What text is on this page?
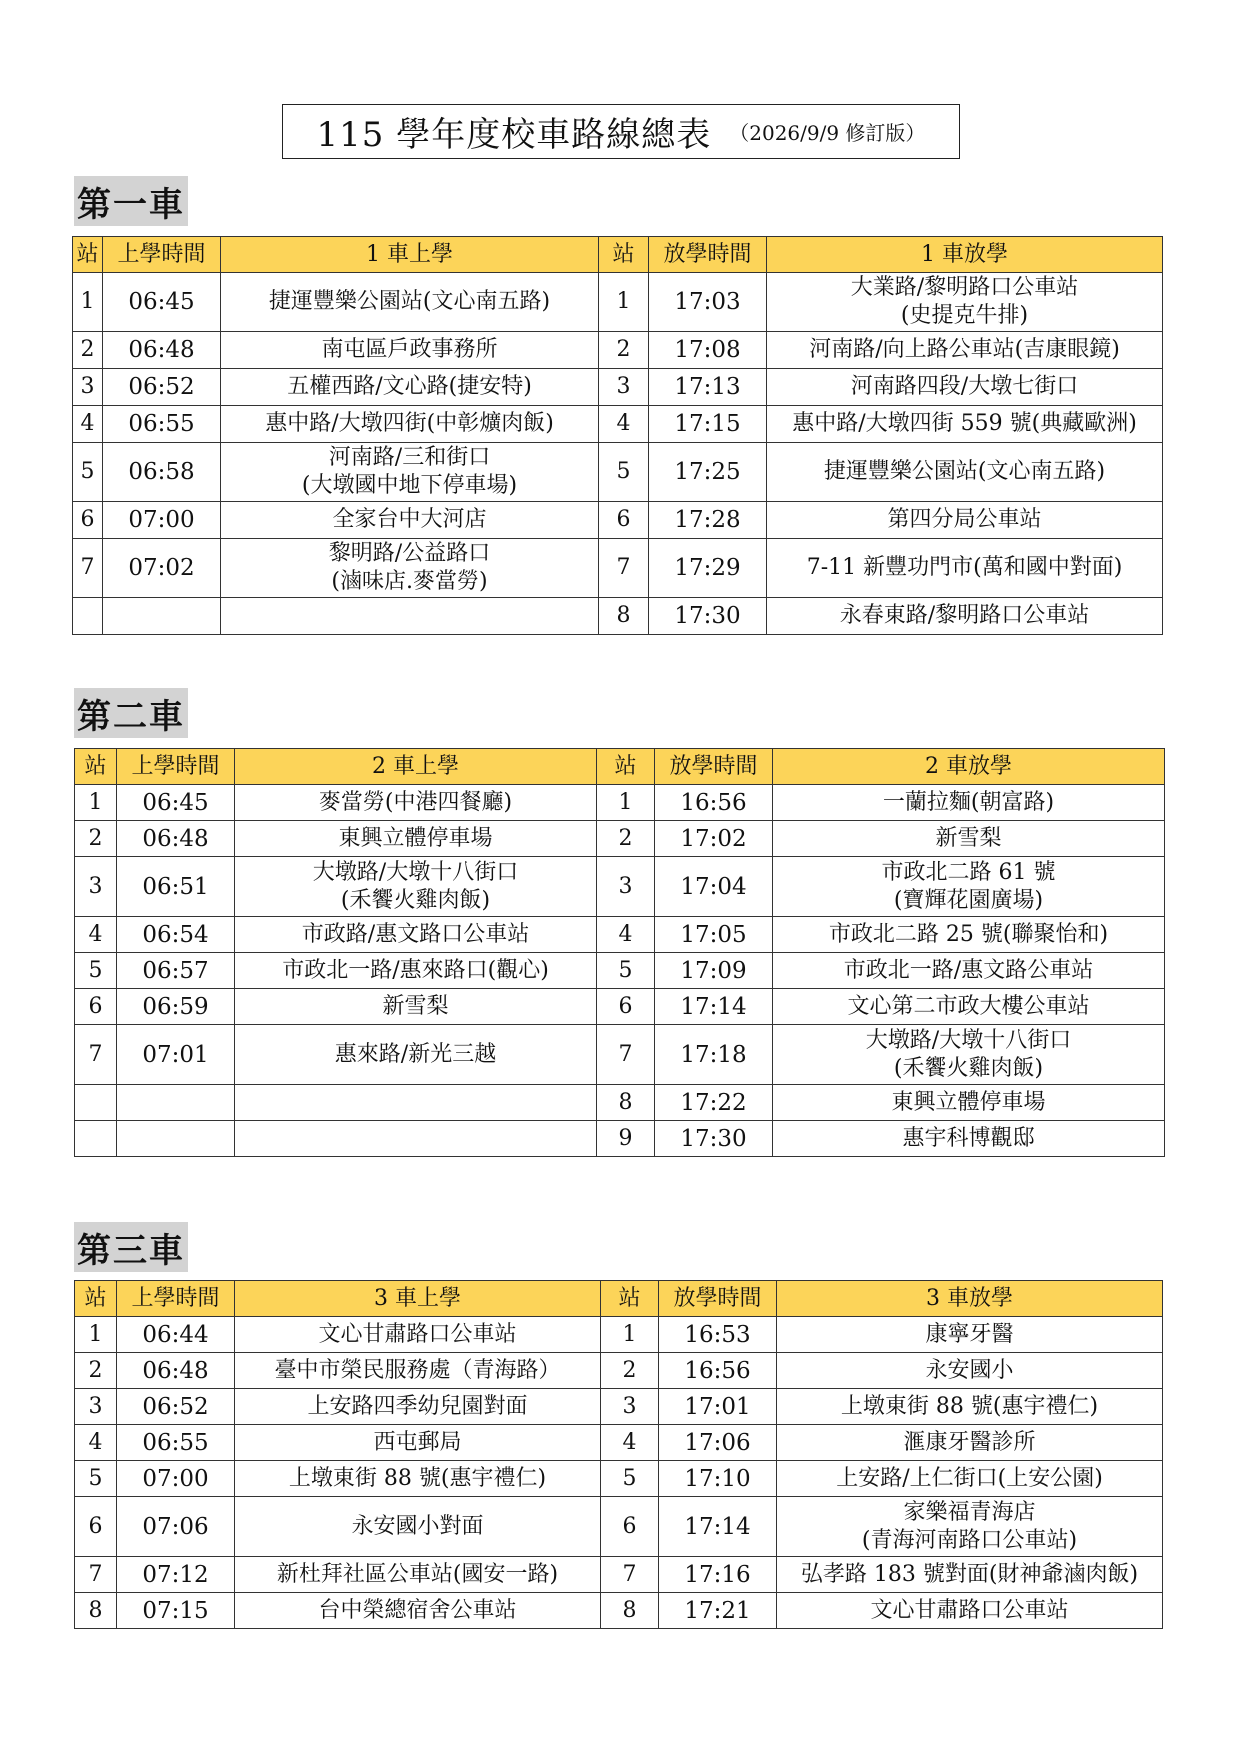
115 學年度校車路線總表 （2026/9/9 修訂版）
第一車
站	上學時間	1 車上學	站	放學時間	1 車放學
1	06:45	捷運豐樂公園站(文心南五路)	1	17:03	大業路/黎明路口公車站
(史提克牛排)

2	06:48	南屯區戶政事務所	2	17:08	河南路/向上路公車站(吉康眼鏡)

3	06:52	五權西路/文心路(捷安特)	3	17:13	河南路四段/大墩七街口

4	06:55	惠中路/大墩四街(中彰爌肉飯)	4	17:15	惠中路/大墩四街 559 號(典藏歐洲)

5	06:58	河南路/三和街口
(大墩國中地下停車場)	5	17:25	捷運豐樂公園站(文心南五路)

6	07:00	全家台中大河店	6	17:28	第四分局公車站

7	07:02	黎明路/公益路口
(滷味店.麥當勞)	7	17:29	7-11 新豐功門市(萬和國中對面)

	8	17:30	永春東路/黎明路口公車站
第二車
站	上學時間	2 車上學	站	放學時間	2 車放學
1	06:45	麥當勞(中港四餐廳)	1	16:56	一蘭拉麵(朝富路)

2	06:48	東興立體停車場	2	17:02	新雪梨

3	06:51	大墩路/大墩十八街口
(禾饗火雞肉飯)	3	17:04	市政北二路 61 號
(寶輝花園廣場)

4	06:54	市政路/惠文路口公車站	4	17:05	市政北二路 25 號(聯聚怡和)

5	06:57	市政北一路/惠來路口(觀心)	5	17:09	市政北一路/惠文路公車站

6	06:59	新雪梨	6	17:14	文心第二市政大樓公車站

7	07:01	惠來路/新光三越	7	17:18	大墩路/大墩十八街口
(禾饗火雞肉飯)

	8	17:22	東興立體停車場

	9	17:30	惠宇科博觀邸
第三車
站	上學時間	3 車上學	站	放學時間	3 車放學
1	06:44	文心甘肅路口公車站	1	16:53	康寧牙醫

2	06:48	臺中市榮民服務處（青海路）	2	16:56	永安國小

3	06:52	上安路四季幼兒園對面	3	17:01	上墩東街 88 號(惠宇禮仁)

4	06:55	西屯郵局	4	17:06	滙康牙醫診所

5	07:00	上墩東街 88 號(惠宇禮仁)	5	17:10	上安路/上仁街口(上安公園)

6	07:06	永安國小對面	6	17:14	家樂福青海店
(青海河南路口公車站)

7	07:12	新杜拜社區公車站(國安一路)	7	17:16	弘孝路 183 號對面(財神爺滷肉飯)

8	07:15	台中榮總宿舍公車站	8	17:21	文心甘肅路口公車站
